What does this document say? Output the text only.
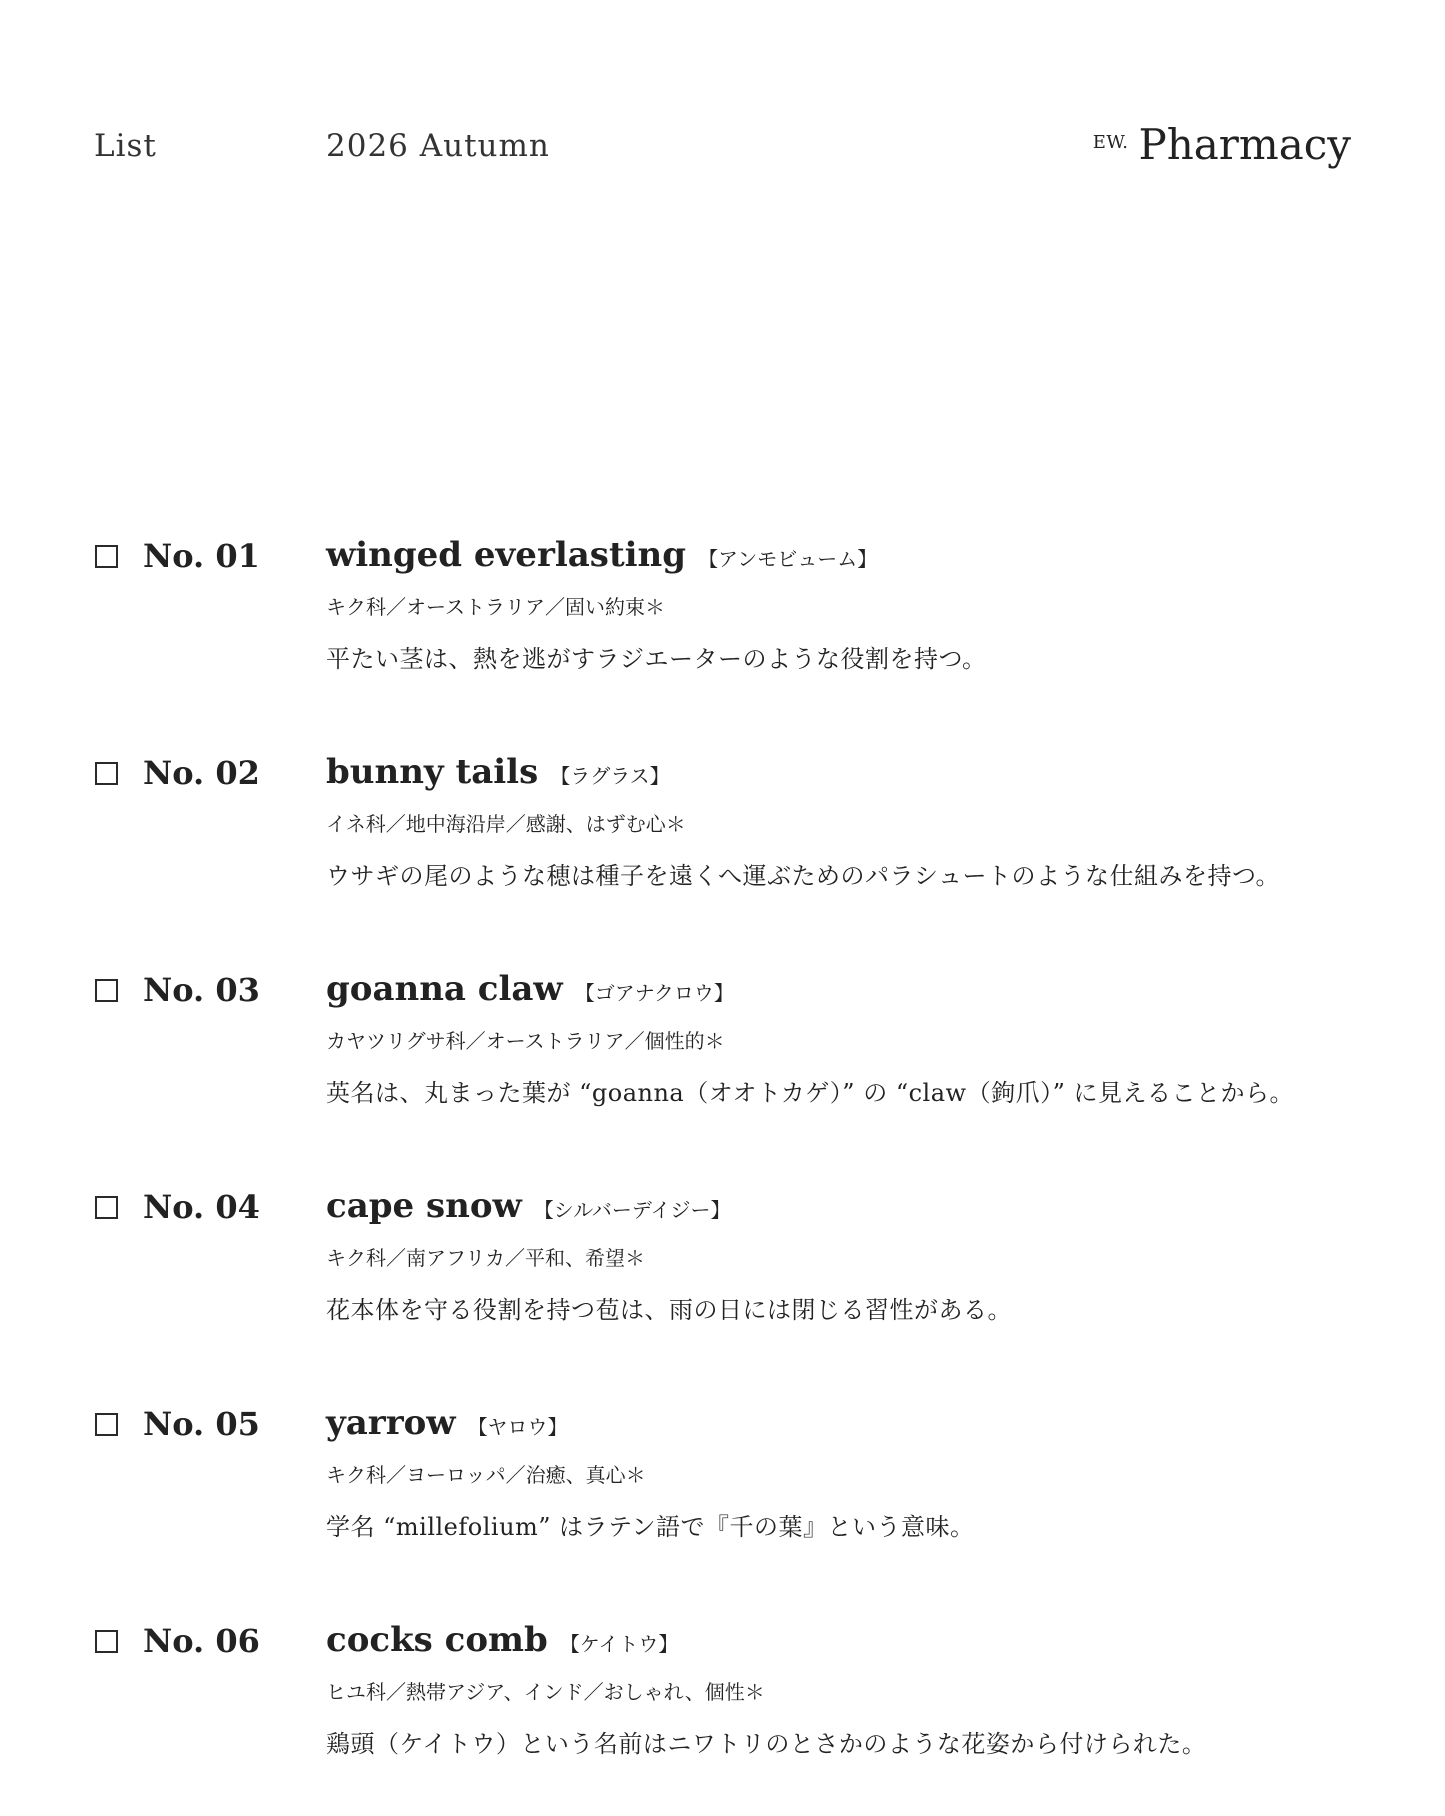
List	2026 Autumn	EW. Pharmacy
No. 01 winged everlasting 【アンモビューム】
キク科／オーストラリア／固い約束＊
平たい茎は、熱を逃がすラジエーターのような役割を持つ。
No. 02 bunny tails 【ラグラス】
イネ科／地中海沿岸／感謝、はずむ心＊
ウサギの尾のような穂は種子を遠くへ運ぶためのパラシュートのような仕組みを持つ。
No. 03 goanna claw 【ゴアナクロウ】
カヤツリグサ科／オーストラリア／個性的＊
英名は、丸まった葉が “goanna（オオトカゲ）” の “claw（鉤爪）” に見えることから。
No. 04 cape snow 【シルバーデイジー】
キク科／南アフリカ／平和、希望＊
花本体を守る役割を持つ苞は、雨の日には閉じる習性がある。
No. 05 yarrow 【ヤロウ】
キク科／ヨーロッパ／治癒、真心＊
学名 “millefolium” はラテン語で『千の葉』という意味。
No. 06 cocks comb 【ケイトウ】
ヒユ科／熱帯アジア、インド／おしゃれ、個性＊
鶏頭（ケイトウ）という名前はニワトリのとさかのような花姿から付けられた。
